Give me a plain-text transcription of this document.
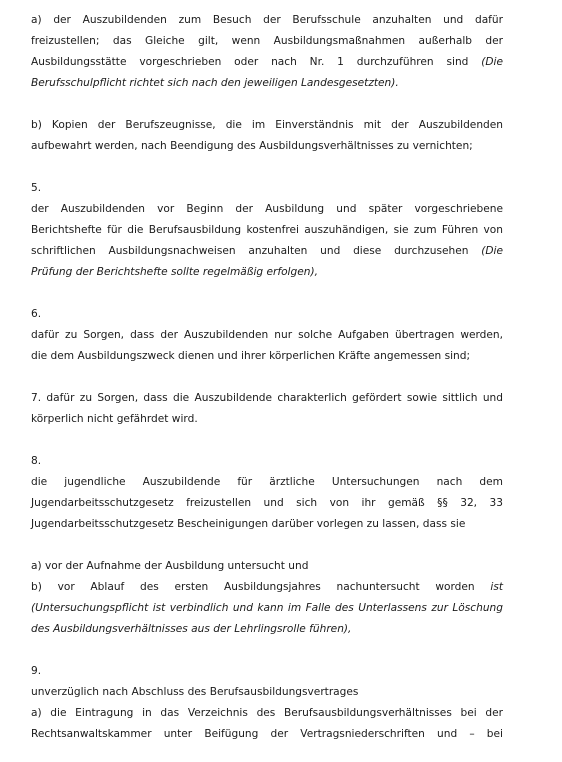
a) der Auszubildenden zum Besuch der Berufsschule anzuhalten und dafür
freizustellen; das Gleiche gilt, wenn Ausbildungsmaßnahmen außerhalb der
Ausbildungsstätte vorgeschrieben oder nach Nr. 1 durchzuführen sind (Die
Berufsschulpflicht richtet sich nach den jeweiligen Landesgesetzten).
b) Kopien der Berufszeugnisse, die im Einverständnis mit der Auszubildenden
aufbewahrt werden, nach Beendigung des Ausbildungsverhältnisses zu vernichten;
5.
der Auszubildenden vor Beginn der Ausbildung und später vorgeschriebene
Berichtshefte für die Berufsausbildung kostenfrei auszuhändigen, sie zum Führen von
schriftlichen Ausbildungsnachweisen anzuhalten und diese durchzusehen (Die
Prüfung der Berichtshefte sollte regelmäßig erfolgen),
6.
dafür zu Sorgen, dass der Auszubildenden nur solche Aufgaben übertragen werden,
die dem Ausbildungszweck dienen und ihrer körperlichen Kräfte angemessen sind;
7. dafür zu Sorgen, dass die Auszubildende charakterlich gefördert sowie sittlich und
körperlich nicht gefährdet wird.
8.
die jugendliche Auszubildende für ärztliche Untersuchungen nach dem
Jugendarbeitsschutzgesetz freizustellen und sich von ihr gemäß §§ 32, 33
Jugendarbeitsschutzgesetz Bescheinigungen darüber vorlegen zu lassen, dass sie
a) vor der Aufnahme der Ausbildung untersucht und
b) vor Ablauf des ersten Ausbildungsjahres nachuntersucht worden ist
(Untersuchungspflicht ist verbindlich und kann im Falle des Unterlassens zur Löschung
des Ausbildungsverhältnisses aus der Lehrlingsrolle führen),
9.
unverzüglich nach Abschluss des Berufsausbildungsvertrages
a) die Eintragung in das Verzeichnis des Berufsausbildungsverhältnisses bei der
Rechtsanwaltskammer unter Beifügung der Vertragsniederschriften und – bei
